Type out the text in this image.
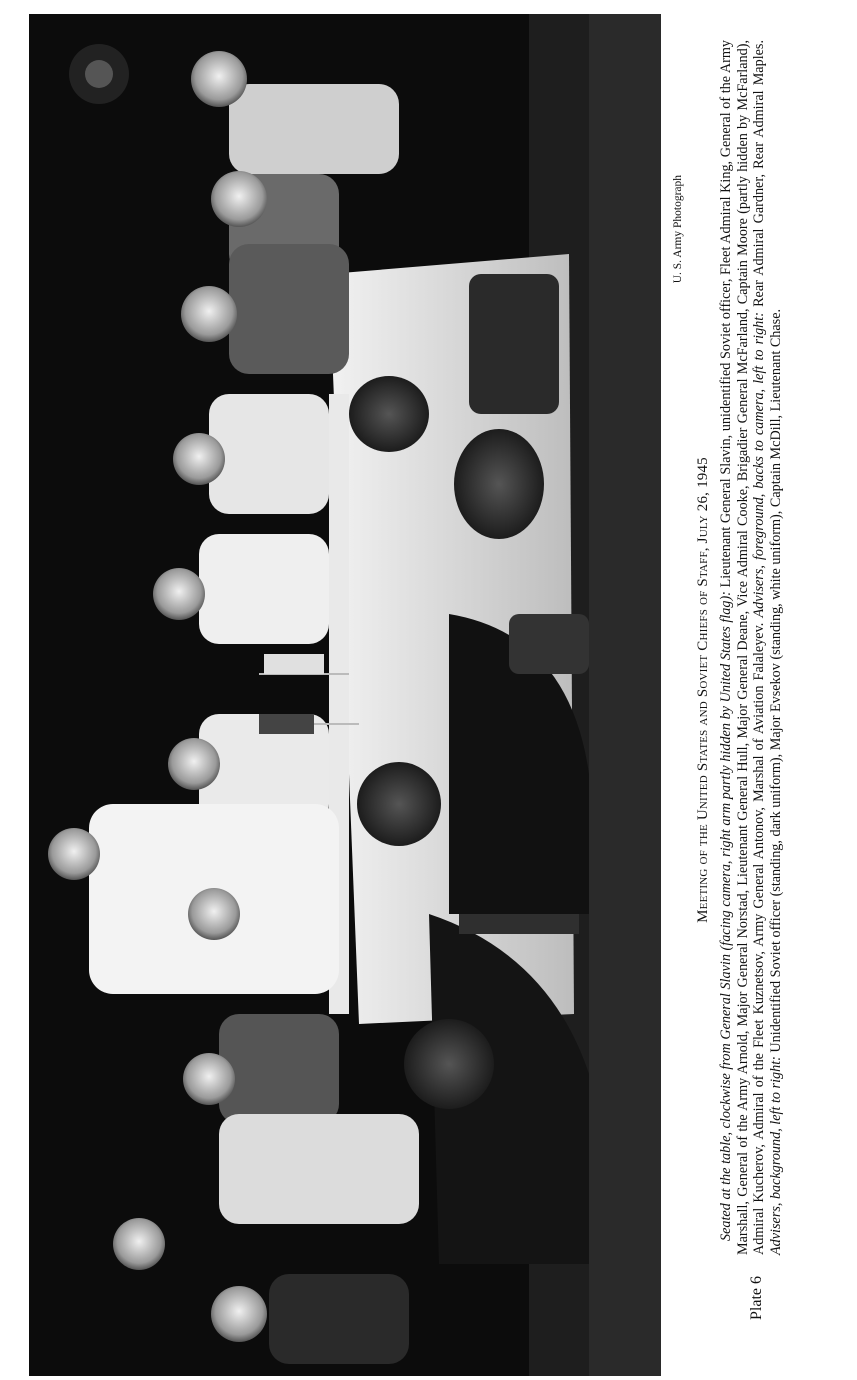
U. S. Army Photograph
Meeting of the United States and Soviet Chiefs of Staff, July 26, 1945
Plate 6
Seated at the table, clockwise from General Slavin (facing camera, right arm partly hidden by United States flag): Lieutenant General Slavin, unidentified Soviet officer, Fleet Admiral King, General of the Army Marshall, General of the Army Arnold, Major General Norstad, Lieutenant General Hull, Major General Deane, Vice Admiral Cooke, Brigadier General McFarland, Captain Moore (partly hidden by McFarland), Admiral Kucherov, Admiral of the Fleet Kuznetsov, Army General Antonov, Marshal of Aviation Falaleyev. Advisers, foreground, backs to camera, left to right: Rear Admiral Gardner, Rear Admiral Maples. Advisers, background, left to right: Unidentified Soviet officer (standing, dark uniform), Major Evsekov (standing, white uniform), Captain McDill, Lieutenant Chase.
